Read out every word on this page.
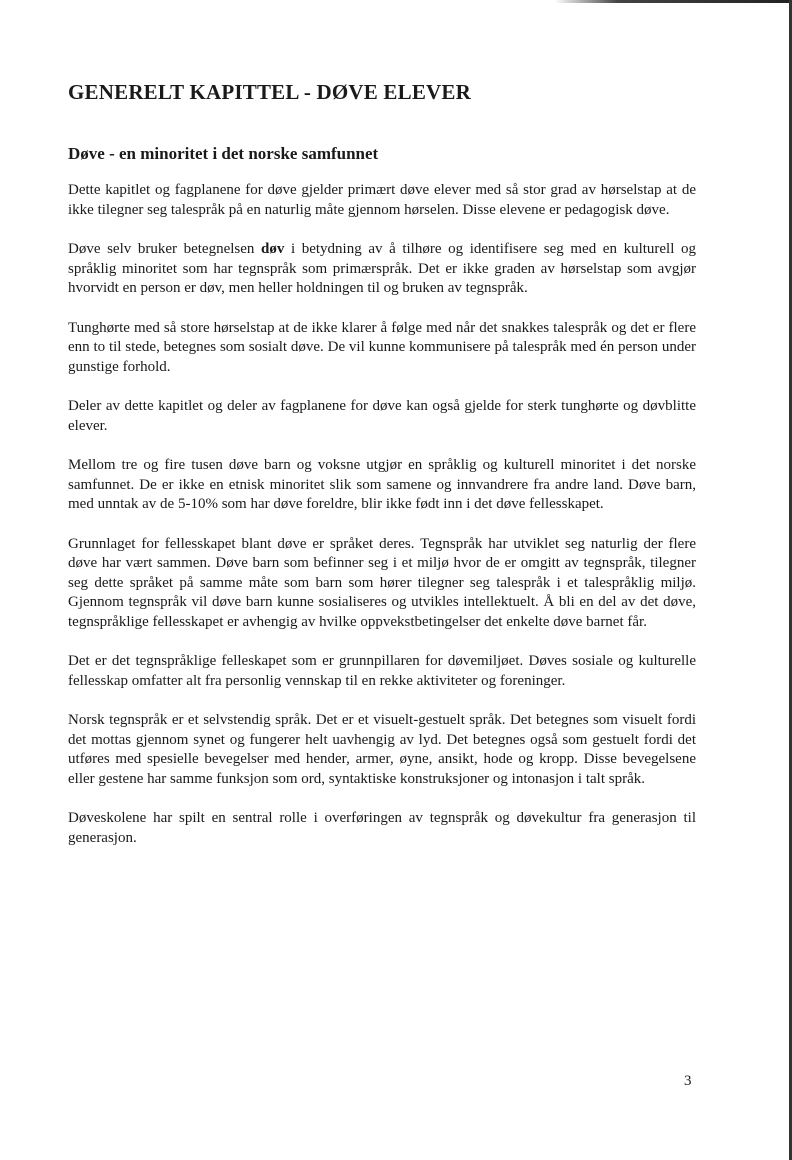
GENERELT KAPITTEL - DØVE ELEVER
Døve - en minoritet i det norske samfunnet

Dette kapitlet og fagplanene for døve gjelder primært døve elever med så stor grad av hørselstap at de ikke tilegner seg talespråk på en naturlig måte gjennom hørselen. Disse elevene er pedagogisk døve.

Døve selv bruker betegnelsen døv i betydning av å tilhøre og identifisere seg med en kulturell og språklig minoritet som har tegnspråk som primærspråk. Det er ikke graden av hørselstap som avgjør hvorvidt en person er døv, men heller holdningen til og bruken av tegnspråk.

Tunghørte med så store hørselstap at de ikke klarer å følge med når det snakkes talespråk og det er flere enn to til stede, betegnes som sosialt døve. De vil kunne kommunisere på talespråk med én person under gunstige forhold.

Deler av dette kapitlet og deler av fagplanene for døve kan også gjelde for sterk tunghørte og døvblitte elever.

Mellom tre og fire tusen døve barn og voksne utgjør en språklig og kulturell minoritet i det norske samfunnet. De er ikke en etnisk minoritet slik som samene og innvandrere fra andre land. Døve barn, med unntak av de 5-10% som har døve foreldre, blir ikke født inn i det døve fellesskapet.

Grunnlaget for fellesskapet blant døve er språket deres. Tegnspråk har utviklet seg naturlig der flere døve har vært sammen. Døve barn som befinner seg i et miljø hvor de er omgitt av tegnspråk, tilegner seg dette språket på samme måte som barn som hører tilegner seg talespråk i et talespråklig miljø. Gjennom tegnspråk vil døve barn kunne sosialiseres og utvikles intellektuelt. Å bli en del av det døve, tegnspråklige fellesskapet er avhengig av hvilke oppvekstbetingelser det enkelte døve barnet får.

Det er det tegnspråklige felleskapet som er grunnpillaren for døvemiljøet. Døves sosiale og kulturelle fellesskap omfatter alt fra personlig vennskap til en rekke aktiviteter og foreninger.

Norsk tegnspråk er et selvstendig språk. Det er et visuelt-gestuelt språk. Det betegnes som visuelt fordi det mottas gjennom synet og fungerer helt uavhengig av lyd. Det betegnes også som gestuelt fordi det utføres med spesielle bevegelser med hender, armer, øyne, ansikt, hode og kropp. Disse bevegelsene eller gestene har samme funksjon som ord, syntaktiske konstruksjoner og intonasjon i talt språk.

Døveskolene har spilt en sentral rolle i overføringen av tegnspråk og døvekultur fra generasjon til generasjon.

3
